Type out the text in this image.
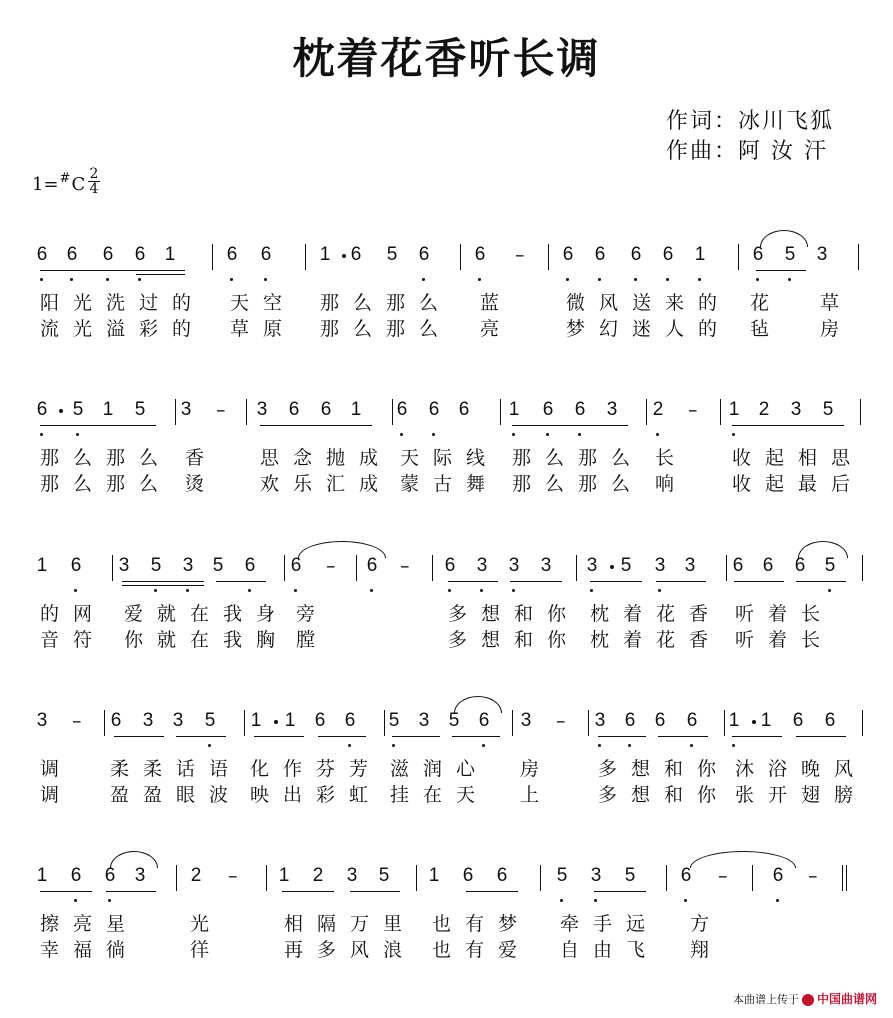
枕着花香听长调
作词：冰川飞狐
作曲：阿 汝 汗
1=#C 2
4
6 6 6 6 1	6 6	1 6 5 6 6 – 6 6 6 6 1 6 5 3
阳光洗过的 天空 那么那么 蓝	微风送来的 花	草
流光溢彩的 草原 那么那么 亮	梦幻迷人的 毡	房
6 5 1 5 3 – 3 6 6 1 6 6 6 1 6 6 3 2 – 1 2 3 5
那么那么 香	思念抛成 天际线 那么那么 长	收起相思
那么那么 烫	欢乐汇成 蒙古舞 那么那么 响	收起最后
1 6 3 5 3 5 6 6 – 6 – 6 3 3 3 3 5 3 3 6 6 6 5
的网 爱就在我身 旁	多想和你 枕着花香 听着长
音符 你就在我胸 膛	多想和你 枕着花香 听着长
3 – 6 3 3 5 1 1 6 6 5 3 5 6 3 – 3 6 6 6 1 1 6 6
调	柔柔话语 化作芬芳 滋润心 房	多想和你 沐浴晚风
调	盈盈眼波 映出彩虹 挂在天 上	多想和你 张开翅膀
1 6 6 3 2 – 1 2 3 5 1 6 6	5 3 5 6 – 6 –
擦亮星	光	相隔万里 也有梦 牵手远 方
幸福徜	徉	再多风浪 也有爱 自由飞 翔
本曲谱上传于 中国曲谱网
